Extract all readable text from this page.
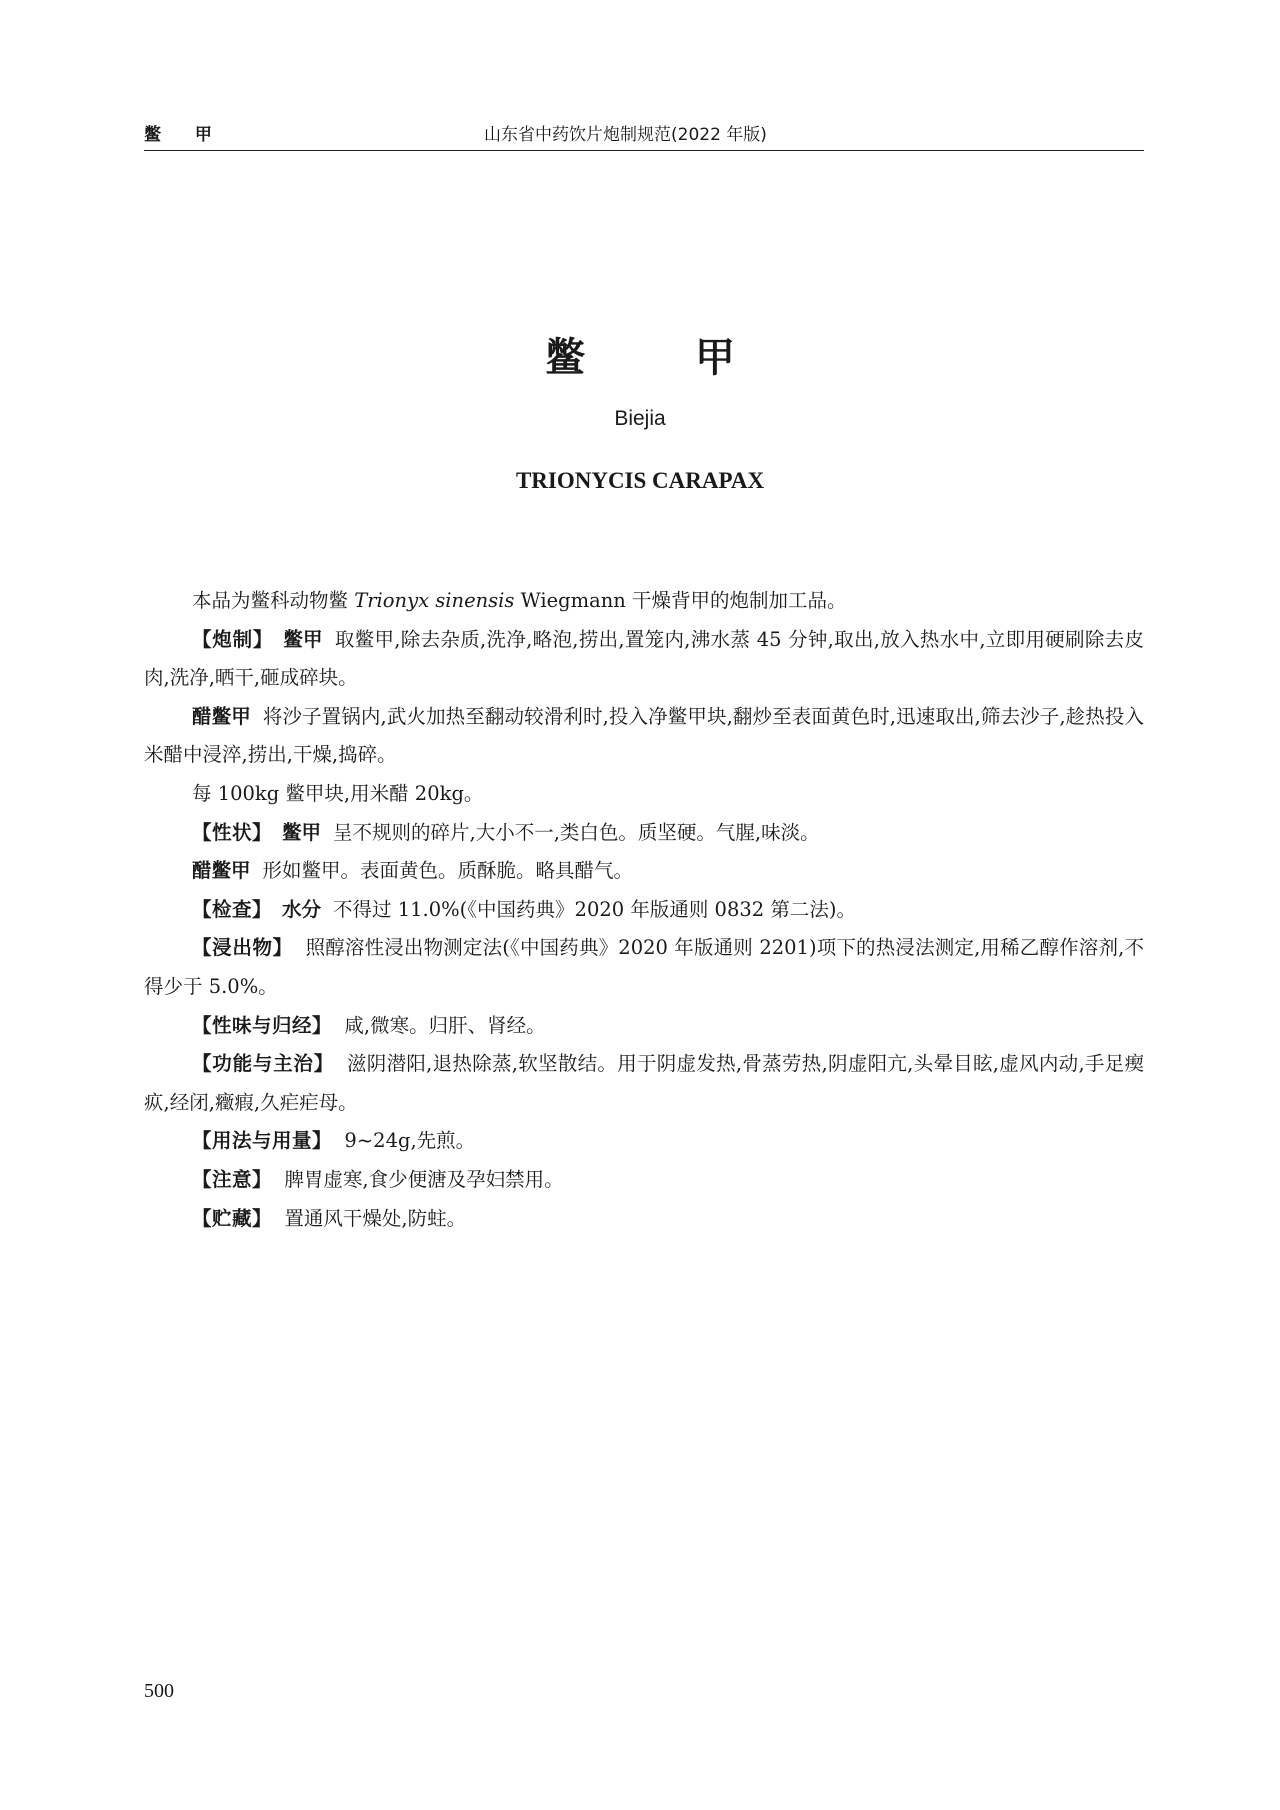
鳖 甲	山东省中药饮片炮制规范(2022 年版)
鳖 甲
Biejia
TRIONYCIS CARAPAX

本品为鳖科动物鳖 Trionyx sinensis Wiegmann 干燥背甲的炮制加工品。

【炮制】 鳖甲 取鳖甲,除去杂质,洗净,略泡,捞出,置笼内,沸水蒸 45 分钟,取出,放入热水中,立即用硬刷除去皮肉,洗净,晒干,砸成碎块。

醋鳖甲 将沙子置锅内,武火加热至翻动较滑利时,投入净鳖甲块,翻炒至表面黄色时,迅速取出,筛去沙子,趁热投入米醋中浸淬,捞出,干燥,捣碎。

每 100kg 鳖甲块,用米醋 20kg。

【性状】 鳖甲 呈不规则的碎片,大小不一,类白色。质坚硬。气腥,味淡。

醋鳖甲 形如鳖甲。表面黄色。质酥脆。略具醋气。

【检查】 水分 不得过 11.0%(《中国药典》2020 年版通则 0832 第二法)。

【浸出物】 照醇溶性浸出物测定法(《中国药典》2020 年版通则 2201)项下的热浸法测定,用稀乙醇作溶剂,不得少于 5.0%。

【性味与归经】 咸,微寒。归肝、肾经。

【功能与主治】 滋阴潜阳,退热除蒸,软坚散结。用于阴虚发热,骨蒸劳热,阴虚阳亢,头晕目眩,虚风内动,手足瘈疭,经闭,癥瘕,久疟疟母。

【用法与用量】 9~24g,先煎。

【注意】 脾胃虚寒,食少便溏及孕妇禁用。

【贮藏】 置通风干燥处,防蛀。

500
